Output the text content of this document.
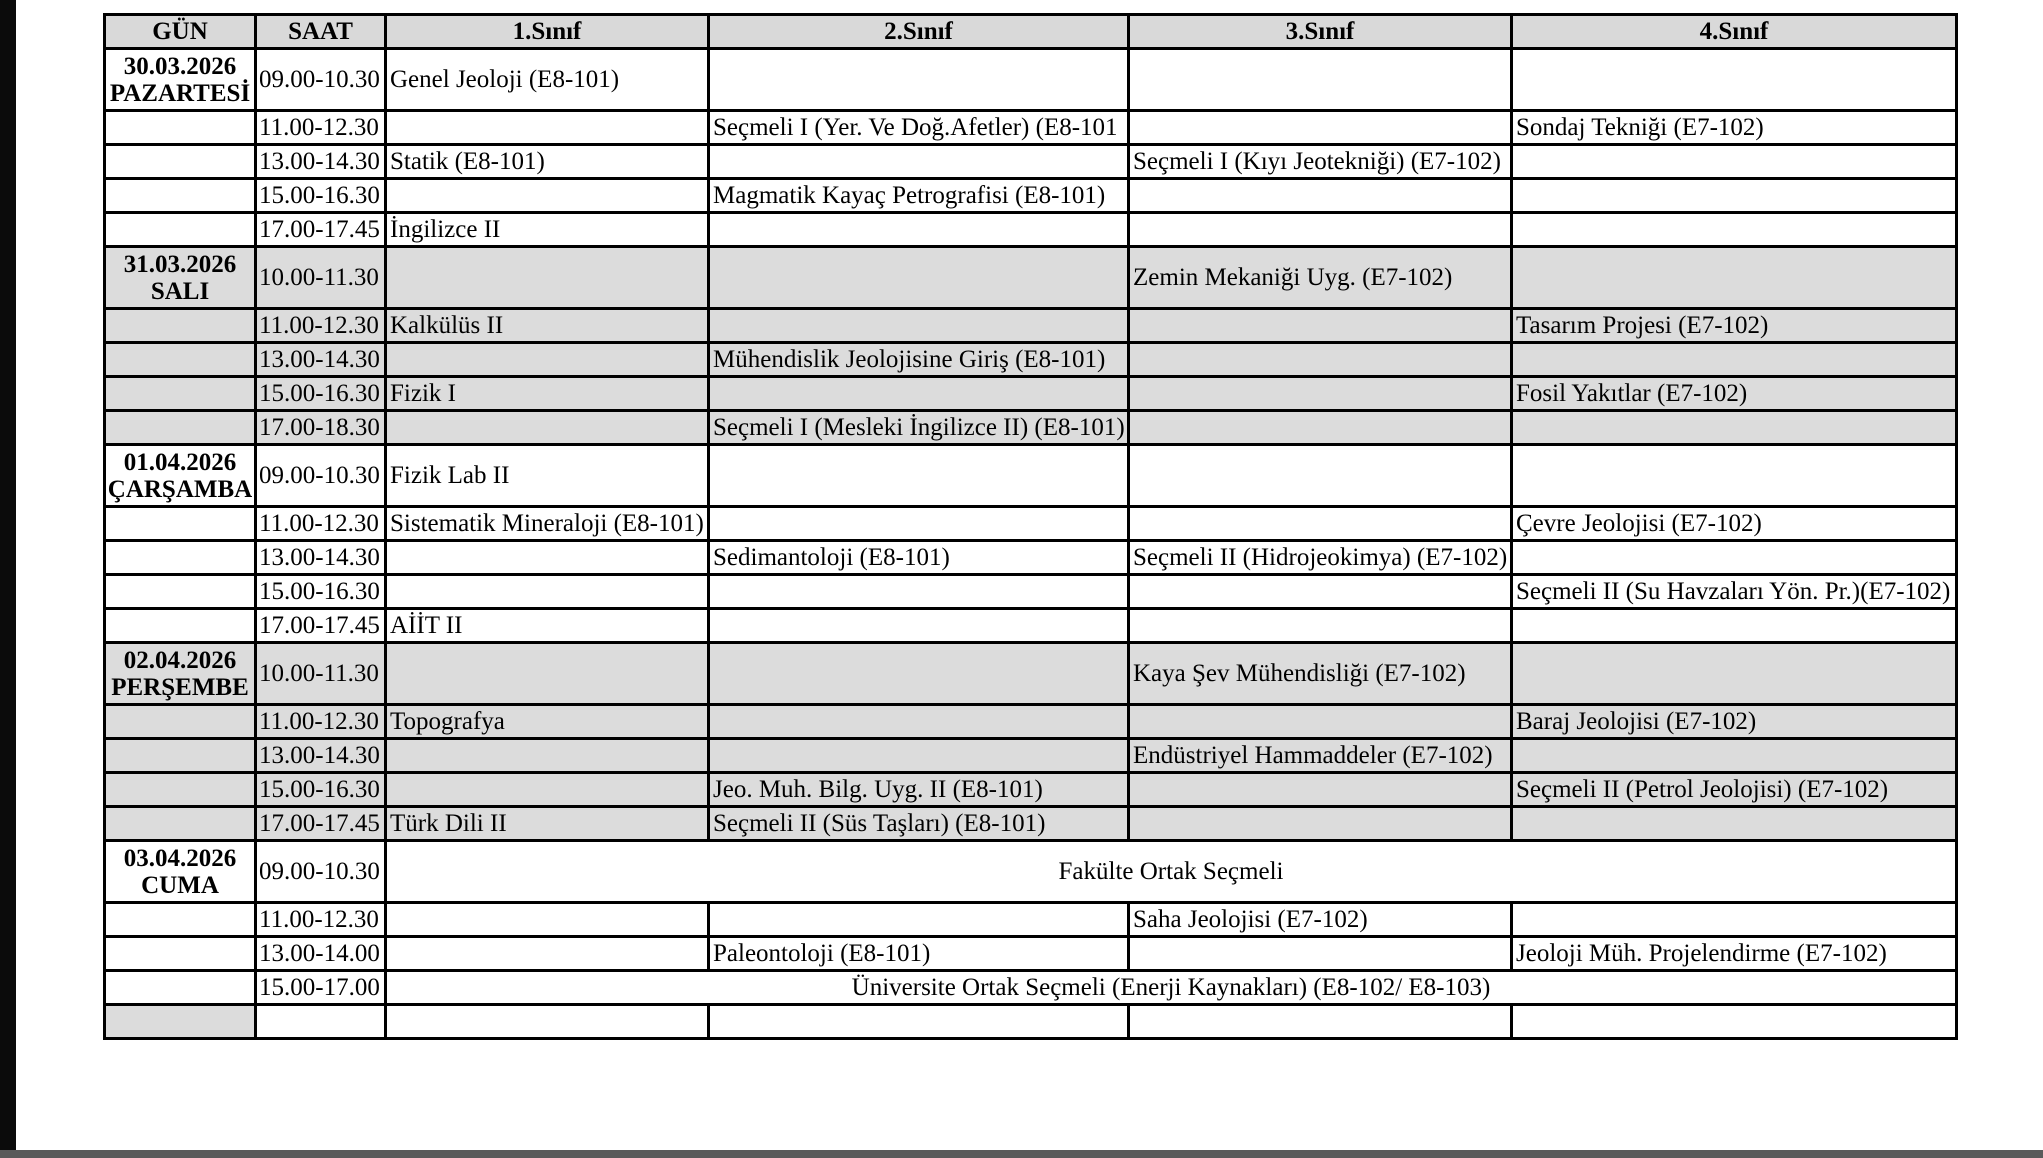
GÜN	SAAT	1.Sınıf	2.Sınıf	3.Sınıf	4.Sınıf

30.03.2026
PAZARTESİ	09.00-10.30	Genel Jeoloji (E8-101)			
	11.00-12.30		Seçmeli I (Yer. Ve Doğ.Afetler) (E8-101		Sondaj Tekniği (E7-102)
	13.00-14.30	Statik (E8-101)		Seçmeli I (Kıyı Jeotekniği) (E7-102)	
	15.00-16.30		Magmatik Kayaç Petrografisi (E8-101)		
	17.00-17.45	İngilizce II			

31.03.2026
SALI	10.00-11.30			Zemin Mekaniği Uyg. (E7-102)	
	11.00-12.30	Kalkülüs II			Tasarım Projesi (E7-102)
	13.00-14.30		Mühendislik Jeolojisine Giriş (E8-101)		
	15.00-16.30	Fizik I			Fosil Yakıtlar (E7-102)
	17.00-18.30		Seçmeli I (Mesleki İngilizce II) (E8-101)		

01.04.2026
ÇARŞAMBA	09.00-10.30	Fizik Lab II			
	11.00-12.30	Sistematik Mineraloji (E8-101)			Çevre Jeolojisi (E7-102)
	13.00-14.30		Sedimantoloji (E8-101)	Seçmeli II (Hidrojeokimya) (E7-102)	
	15.00-16.30				Seçmeli II (Su Havzaları Yön. Pr.)(E7-102)
	17.00-17.45	AİİT II			

02.04.2026
PERŞEMBE	10.00-11.30			Kaya Şev Mühendisliği (E7-102)	
	11.00-12.30	Topografya			Baraj Jeolojisi (E7-102)
	13.00-14.30			Endüstriyel Hammaddeler (E7-102)	
	15.00-16.30		Jeo. Muh. Bilg. Uyg. II (E8-101)		Seçmeli II (Petrol Jeolojisi) (E7-102)
	17.00-17.45	Türk Dili II	Seçmeli II (Süs Taşları) (E8-101)		

03.04.2026
CUMA	09.00-10.30	Fakülte Ortak Seçmeli			
	11.00-12.30			Saha Jeolojisi (E7-102)	
	13.00-14.00		Paleontoloji (E8-101)		Jeoloji Müh. Projelendirme (E7-102)
	15.00-17.00	Üniversite Ortak Seçmeli (Enerji Kaynakları) (E8-102/ E8-103)			
